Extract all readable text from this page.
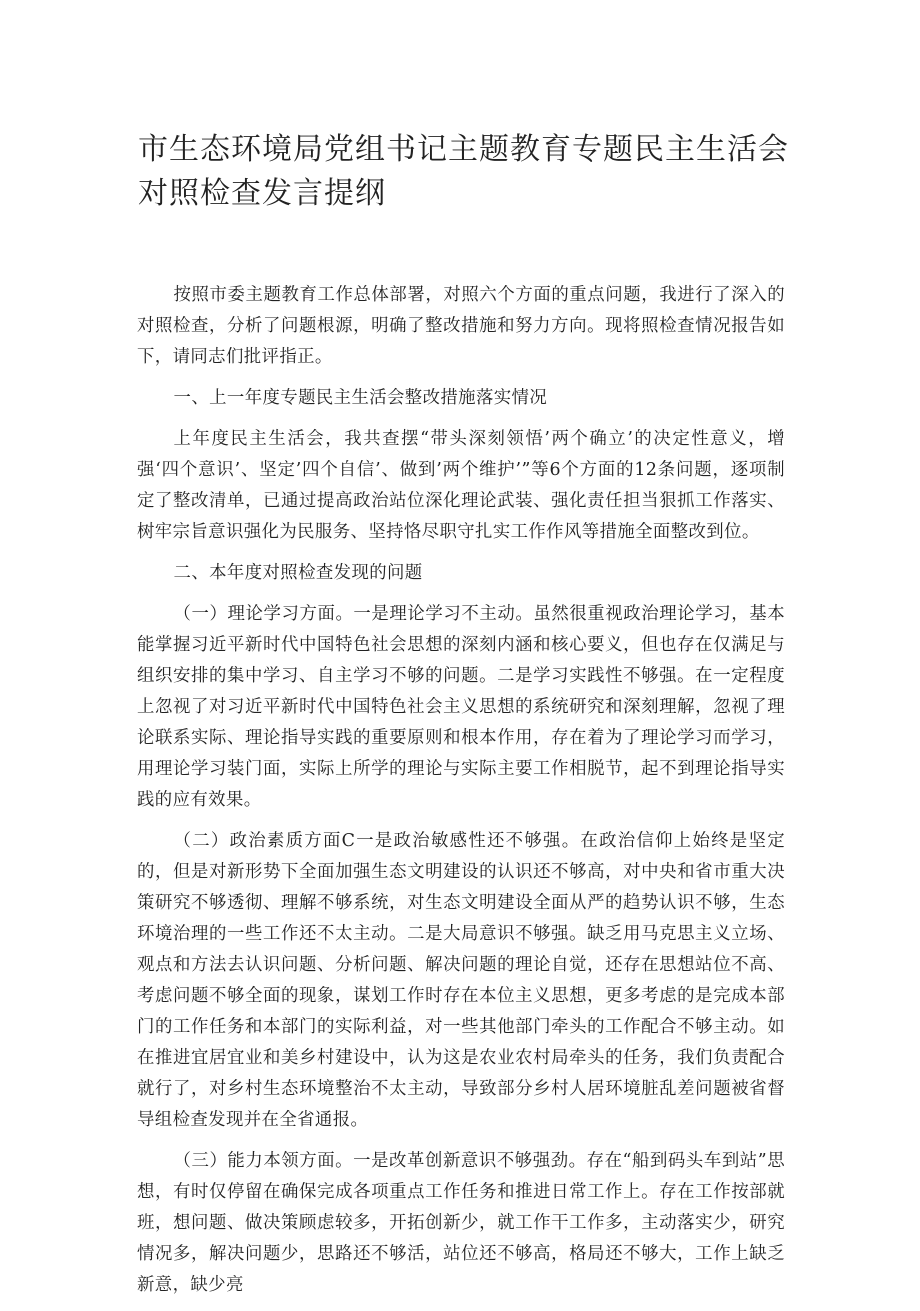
市生态环境局党组书记主题教育专题民主生活会对照检查发言提纲

按照市委主题教育工作总体部署，对照六个方面的重点问题，我进行了深入的对照检查，分析了问题根源，明确了整改措施和努力方向。现将照检查情况报告如下，请同志们批评指正。

一、上一年度专题民主生活会整改措施落实情况

上年度民主生活会，我共查摆“带头深刻领悟’两个确立’的决定性意义，增强‘四个意识’、坚定’四个自信’、做到’两个维护’”等6个方面的12条问题，逐项制定了整改清单，已通过提高政治站位深化理论武装、强化责任担当狠抓工作落实、树牢宗旨意识强化为民服务、坚持恪尽职守扎实工作作风等措施全面整改到位。

二、本年度对照检查发现的问题

（一）理论学习方面。一是理论学习不主动。虽然很重视政治理论学习，基本能掌握习近平新时代中国特色社会思想的深刻内涵和核心要义，但也存在仅满足与组织安排的集中学习、自主学习不够的问题。二是学习实践性不够强。在一定程度上忽视了对习近平新时代中国特色社会主义思想的系统研究和深刻理解，忽视了理论联系实际、理论指导实践的重要原则和根本作用，存在着为了理论学习而学习，用理论学习装门面，实际上所学的理论与实际主要工作相脱节，起不到理论指导实践的应有效果。

（二）政治素质方面C一是政治敏感性还不够强。在政治信仰上始终是坚定的，但是对新形势下全面加强生态文明建设的认识还不够高，对中央和省市重大决策研究不够透彻、理解不够系统，对生态文明建设全面从严的趋势认识不够，生态环境治理的一些工作还不太主动。二是大局意识不够强。缺乏用马克思主义立场、观点和方法去认识问题、分析问题、解决问题的理论自觉，还存在思想站位不高、考虑问题不够全面的现象，谋划工作时存在本位主义思想，更多考虑的是完成本部门的工作任务和本部门的实际利益，对一些其他部门牵头的工作配合不够主动。如在推进宜居宜业和美乡村建设中，认为这是农业农村局牵头的任务，我们负责配合就行了，对乡村生态环境整治不太主动，导致部分乡村人居环境脏乱差问题被省督导组检查发现并在全省通报。

（三）能力本领方面。一是改革创新意识不够强劲。存在“船到码头车到站”思想，有时仅停留在确保完成各项重点工作任务和推进日常工作上。存在工作按部就班，想问题、做决策顾虑较多，开拓创新少，就工作干工作多，主动落实少，研究情况多，解决问题少，思路还不够活，站位还不够高，格局还不够大，工作上缺乏新意，缺少亮
